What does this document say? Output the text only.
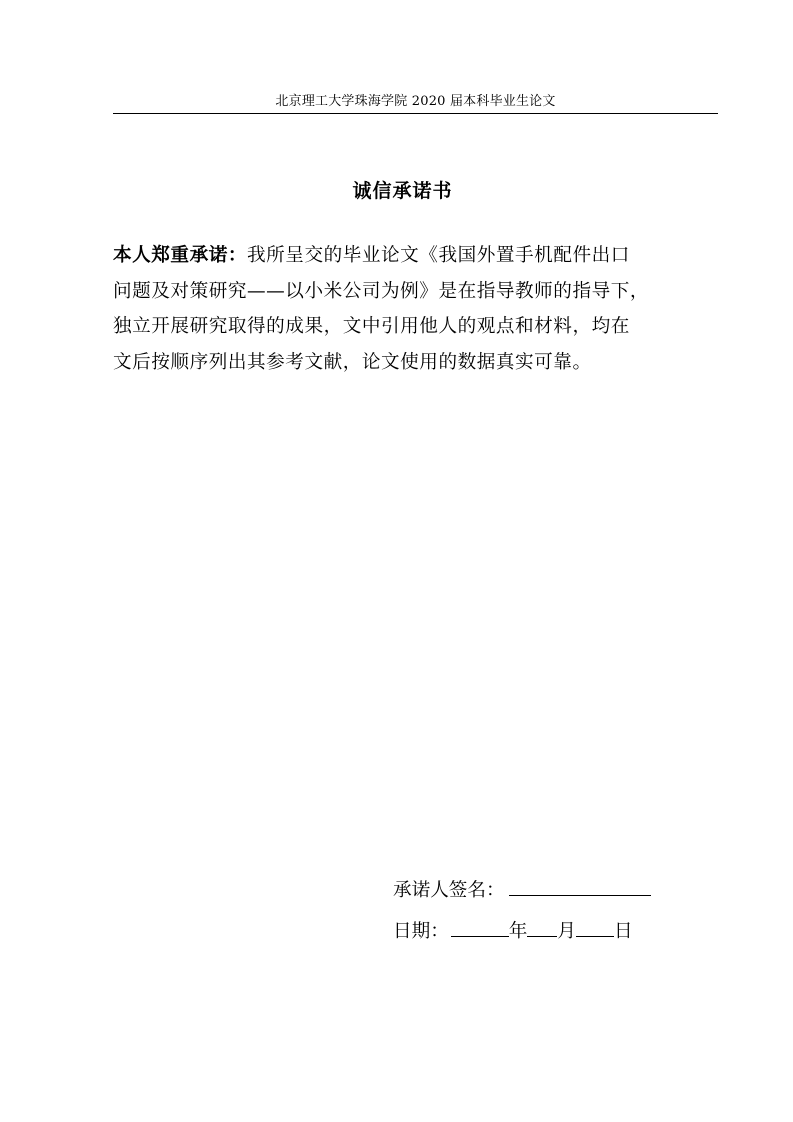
北京理工大学珠海学院 2020 届本科毕业生论文
诚信承诺书
本人郑重承诺：我所呈交的毕业论文《我国外置手机配件出口
问题及对策研究——以小米公司为例》是在指导教师的指导下，
独立开展研究取得的成果，文中引用他人的观点和材料，均在
文后按顺序列出其参考文献，论文使用的数据真实可靠。
承诺人签名：
日期：	年 月 日
